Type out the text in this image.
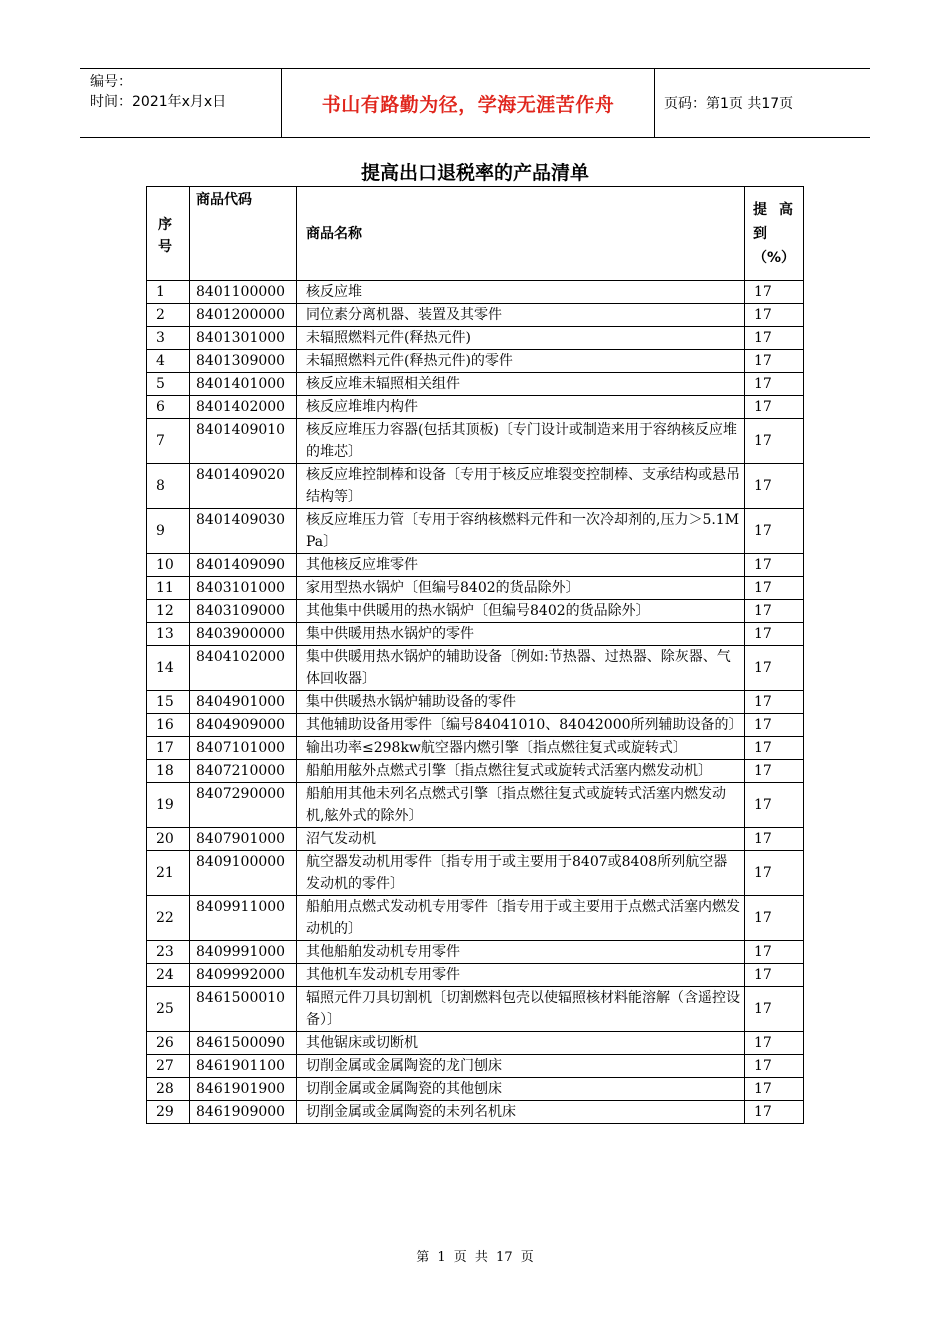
编号：
时间：2021年x月x日	书山有路勤为径，学海无涯苦作舟	页码：第1页 共17页
提高出口退税率的产品清单
序号	商品代码	商品名称	提高到（%）

1	8401100000	核反应堆	17
2	8401200000	同位素分离机器、装置及其零件	17
3	8401301000	未辐照燃料元件(释热元件)	17
4	8401309000	未辐照燃料元件(释热元件)的零件	17
5	8401401000	核反应堆未辐照相关组件	17
6	8401402000	核反应堆堆内构件	17
7	8401409010	核反应堆压力容器(包括其顶板)〔专门设计或制造来用于容纳核反应堆的堆芯〕	17
8	8401409020	核反应堆控制棒和设备〔专用于核反应堆裂变控制棒、支承结构或悬吊结构等〕	17
9	8401409030	核反应堆压力管〔专用于容纳核燃料元件和一次冷却剂的,压力＞5.1MPa〕	17
10	8401409090	其他核反应堆零件	17
11	8403101000	家用型热水锅炉〔但编号8402的货品除外〕	17
12	8403109000	其他集中供暖用的热水锅炉〔但编号8402的货品除外〕	17
13	8403900000	集中供暖用热水锅炉的零件	17
14	8404102000	集中供暖用热水锅炉的辅助设备〔例如:节热器、过热器、除灰器、气体回收器〕	17
15	8404901000	集中供暖热水锅炉辅助设备的零件	17
16	8404909000	其他辅助设备用零件〔编号84041010、84042000所列辅助设备的〕	17
17	8407101000	输出功率≤298kw航空器内燃引擎〔指点燃往复式或旋转式〕	17
18	8407210000	船舶用舷外点燃式引擎〔指点燃往复式或旋转式活塞内燃发动机〕	17
19	8407290000	船舶用其他未列名点燃式引擎〔指点燃往复式或旋转式活塞内燃发动机,舷外式的除外〕	17
20	8407901000	沼气发动机	17
21	8409100000	航空器发动机用零件〔指专用于或主要用于8407或8408所列航空器发动机的零件〕	17
22	8409911000	船舶用点燃式发动机专用零件〔指专用于或主要用于点燃式活塞内燃发动机的〕	17
23	8409991000	其他船舶发动机专用零件	17
24	8409992000	其他机车发动机专用零件	17
25	8461500010	辐照元件刀具切割机〔切割燃料包壳以使辐照核材料能溶解（含遥控设备）〕	17
26	8461500090	其他锯床或切断机	17
27	8461901100	切削金属或金属陶瓷的龙门刨床	17
28	8461901900	切削金属或金属陶瓷的其他刨床	17
29	8461909000	切削金属或金属陶瓷的未列名机床	17
第 1 页 共 17 页
